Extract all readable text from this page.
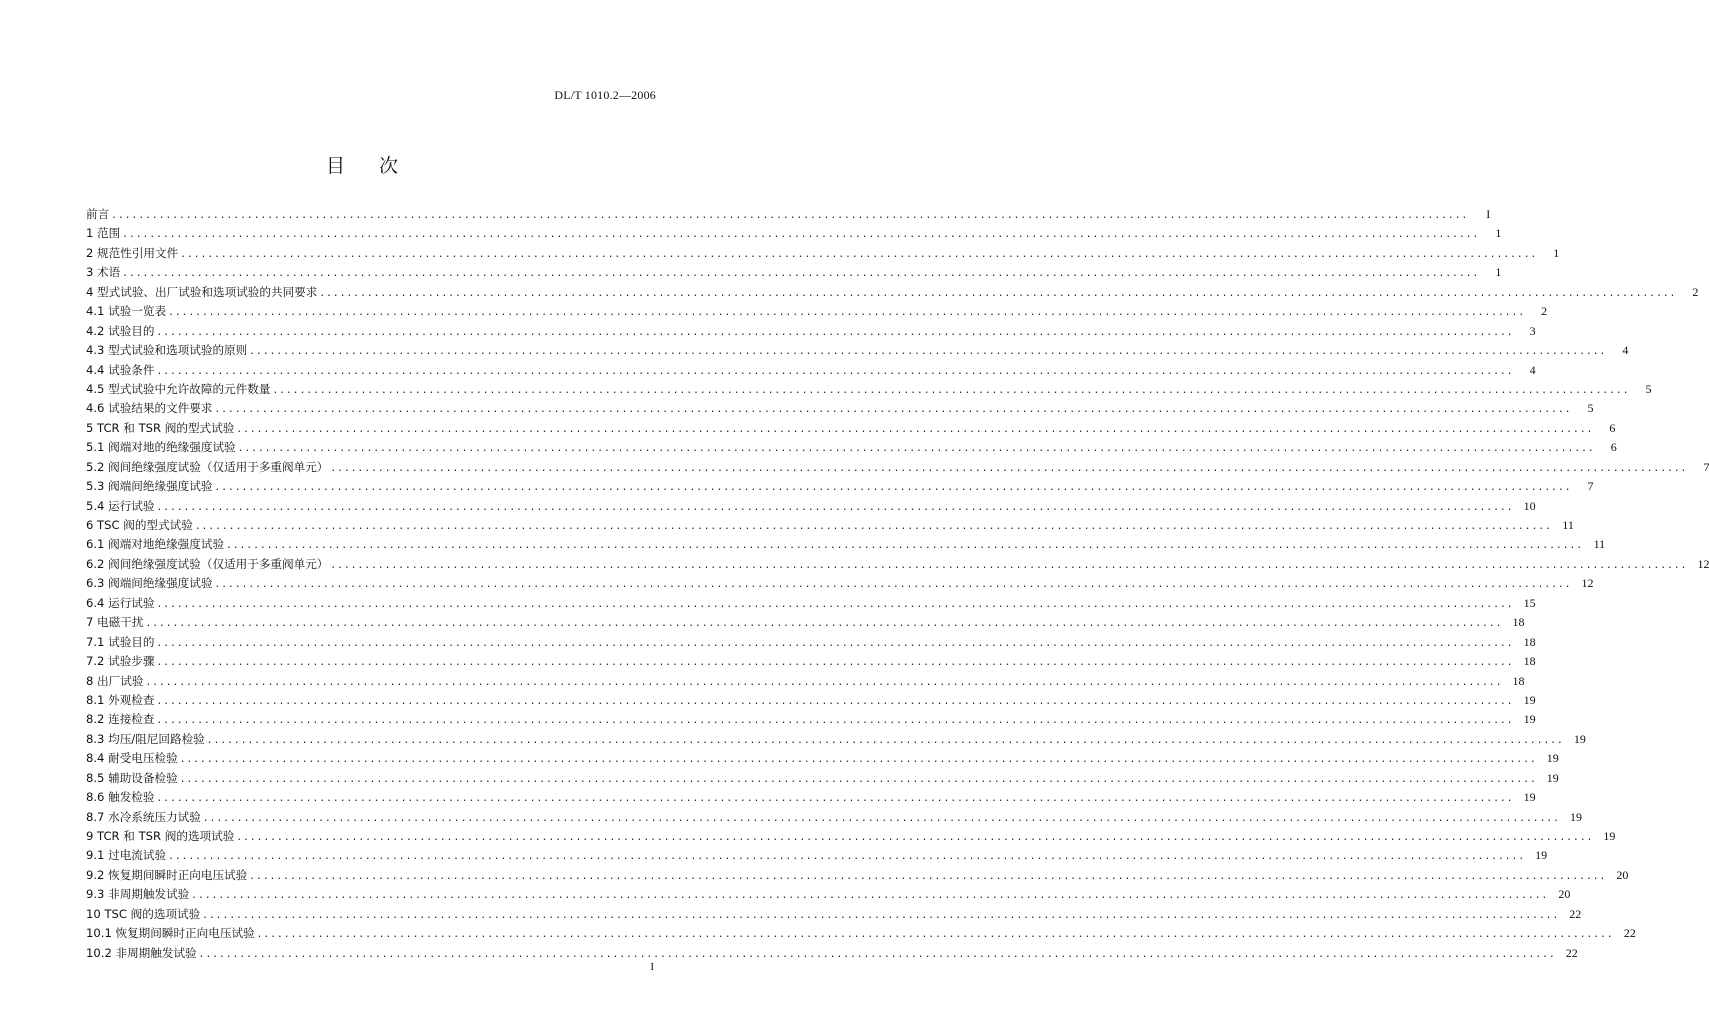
DL/T 1010.2—2006
目次
前言 ........................................................................................................................................................................................................	I
1 范围 ........................................................................................................................................................................................................	1
2 规范性引用文件 ........................................................................................................................................................................................................	1
3 术语 ........................................................................................................................................................................................................	1
4 型式试验、出厂试验和选项试验的共同要求 ........................................................................................................................................................................................................	2
4.1 试验一览表 ........................................................................................................................................................................................................	2
4.2 试验目的 ........................................................................................................................................................................................................	3
4.3 型式试验和选项试验的原则 ........................................................................................................................................................................................................	4
4.4 试验条件 ........................................................................................................................................................................................................	4
4.5 型式试验中允许故障的元件数量 ........................................................................................................................................................................................................	5
4.6 试验结果的文件要求 ........................................................................................................................................................................................................	5
5 TCR 和 TSR 阀的型式试验 ........................................................................................................................................................................................................	6
5.1 阀端对地的绝缘强度试验 ........................................................................................................................................................................................................	6
5.2 阀间绝缘强度试验（仅适用于多重阀单元） ........................................................................................................................................................................................................	7
5.3 阀端间绝缘强度试验 ........................................................................................................................................................................................................	7
5.4 运行试验 ........................................................................................................................................................................................................ 10
6 TSC 阀的型式试验 ........................................................................................................................................................................................................ 11
6.1 阀端对地绝缘强度试验 ........................................................................................................................................................................................................ 11
6.2 阀间绝缘强度试验（仅适用于多重阀单元） ........................................................................................................................................................................................................ 12
6.3 阀端间绝缘强度试验 ........................................................................................................................................................................................................ 12
6.4 运行试验 ........................................................................................................................................................................................................ 15
7 电磁干扰 ........................................................................................................................................................................................................ 18
7.1 试验目的 ........................................................................................................................................................................................................ 18
7.2 试验步骤 ........................................................................................................................................................................................................ 18
8 出厂试验 ........................................................................................................................................................................................................ 18
8.1 外观检查 ........................................................................................................................................................................................................ 19
8.2 连接检查 ........................................................................................................................................................................................................ 19
8.3 均压/阻尼回路检验 ........................................................................................................................................................................................................ 19
8.4 耐受电压检验 ........................................................................................................................................................................................................ 19
8.5 辅助设备检验 ........................................................................................................................................................................................................ 19
8.6 触发检验 ........................................................................................................................................................................................................ 19
8.7 水冷系统压力试验 ........................................................................................................................................................................................................ 19
9 TCR 和 TSR 阀的选项试验 ........................................................................................................................................................................................................ 19
9.1 过电流试验 ........................................................................................................................................................................................................ 19
9.2 恢复期间瞬时正向电压试验 ........................................................................................................................................................................................................ 20
9.3 非周期触发试验 ........................................................................................................................................................................................................ 20
10 TSC 阀的选项试验 ........................................................................................................................................................................................................ 22
10.1 恢复期间瞬时正向电压试验 ........................................................................................................................................................................................................ 22
10.2 非周期触发试验 ........................................................................................................................................................................................................ 22
I
